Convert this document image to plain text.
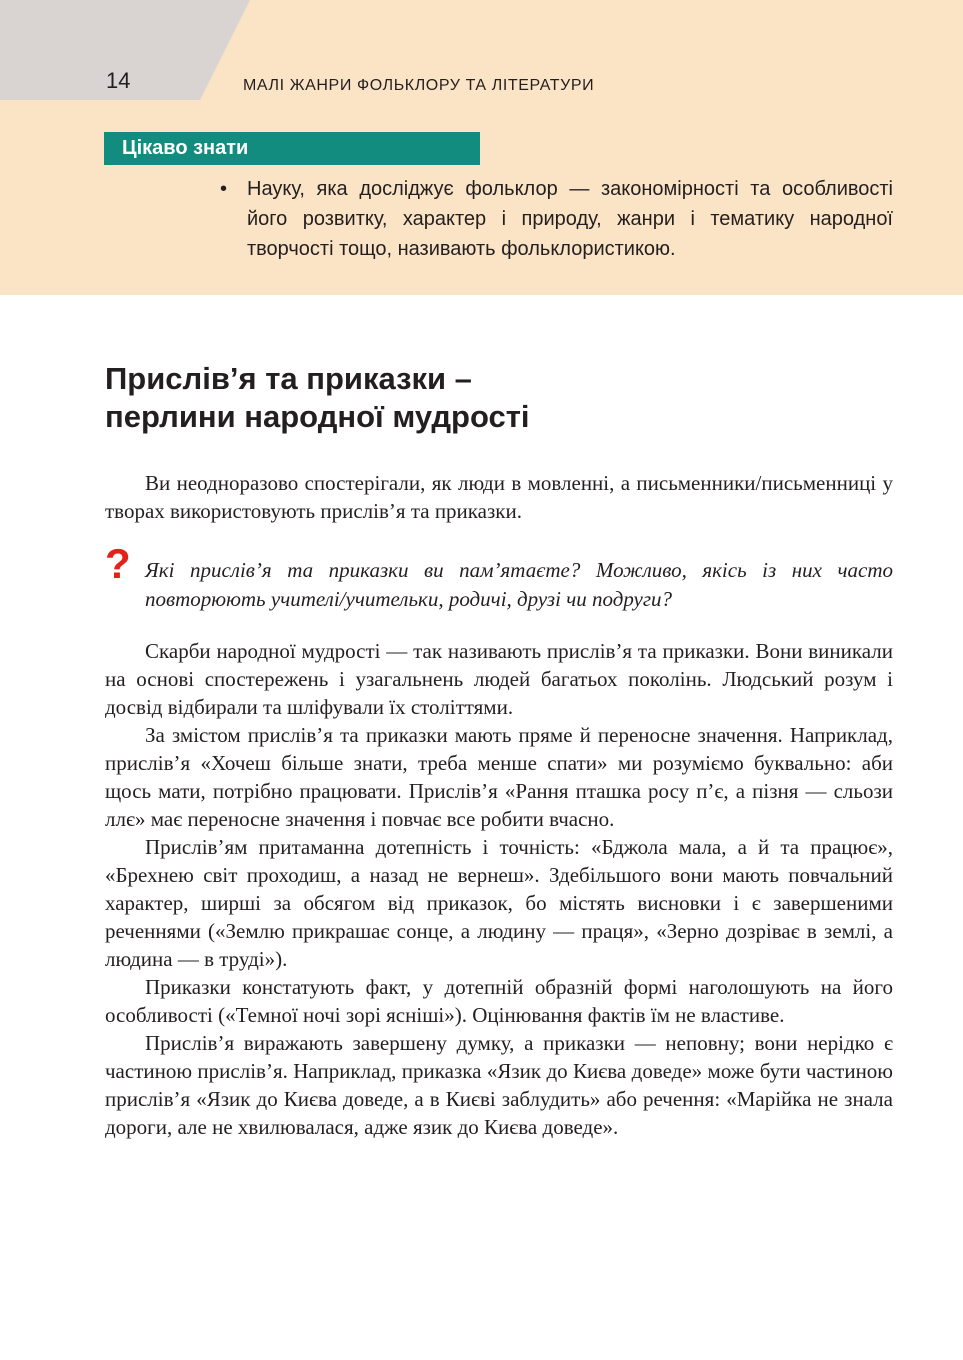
14	МАЛІ ЖАНРИ ФОЛЬКЛОРУ ТА ЛІТЕРАТУРИ
Цікаво знати
• Науку, яка досліджує фольклор — закономірності та особливості його розвитку, характер і природу, жанри і тематику народної творчості тощо, називають фольклористикою.
Прислів’я та приказки –
перлини народної мудрості

Ви неодноразово спостерігали, як люди в мовленні, а письменники/письменниці у творах використовують прислів’я та приказки.

? Які прислів’я та приказки ви пам’ятаєте? Можливо, якісь із них часто повторюють учителі/учительки, родичі, друзі чи подруги?

Скарби народної мудрості — так називають прислів’я та приказки. Вони виникали на основі спостережень і узагальнень людей багатьох поколінь. Людський розум і досвід відбирали та шліфували їх століттями.

За змістом прислів’я та приказки мають пряме й переносне значення. Наприклад, прислів’я «Хочеш більше знати, треба менше спати» ми розуміємо буквально: аби щось мати, потрібно працювати. Прислів’я «Рання пташка росу п’є, а пізня — сльози ллє» має переносне значення і повчає все робити вчасно.

Прислів’ям притаманна дотепність і точність: «Бджола мала, а й та працює», «Брехнею світ проходиш, а назад не вернеш». Здебільшого вони мають повчальний характер, ширші за обсягом від приказок, бо містять висновки і є завершеними реченнями («Землю прикрашає сонце, а людину — праця», «Зерно дозріває в землі, а людина — в труді»).

Приказки констатують факт, у дотепній образній формі наголошують на його особливості («Темної ночі зорі ясніші»). Оцінювання фактів їм не властиве.

Прислів’я виражають завершену думку, а приказки — неповну; вони нерідко є частиною прислів’я. Наприклад, приказка «Язик до Києва доведе» може бути частиною прислів’я «Язик до Києва доведе, а в Києві заблудить» або речення: «Марійка не знала дороги, але не хвилювалася, адже язик до Києва доведе».
